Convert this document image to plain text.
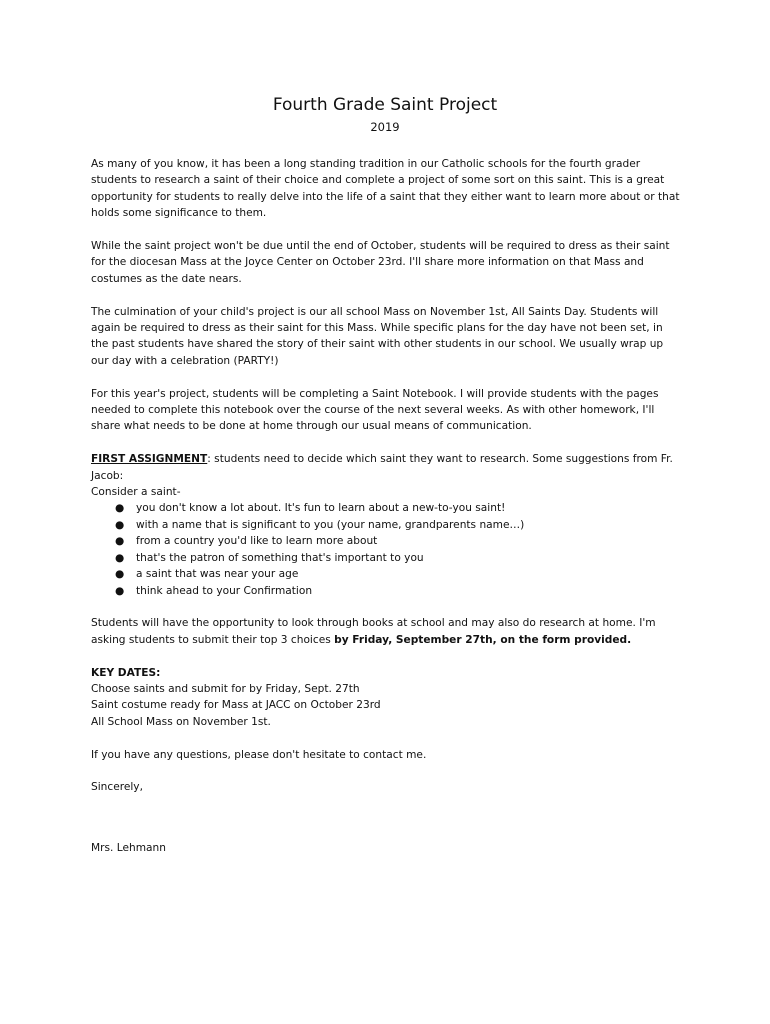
Fourth Grade Saint Project
2019

As many of you know, it has been a long standing tradition in our Catholic schools for the fourth grader students to research a saint of their choice and complete a project of some sort on this saint. This is a great opportunity for students to really delve into the life of a saint that they either want to learn more about or that holds some significance to them.

While the saint project won't be due until the end of October, students will be required to dress as their saint for the diocesan Mass at the Joyce Center on October 23rd. I'll share more information on that Mass and costumes as the date nears.

The culmination of your child's project is our all school Mass on November 1st, All Saints Day. Students will again be required to dress as their saint for this Mass. While specific plans for the day have not been set, in the past students have shared the story of their saint with other students in our school. We usually wrap up our day with a celebration (PARTY!)

For this year's project, students will be completing a Saint Notebook. I will provide students with the pages needed to complete this notebook over the course of the next several weeks. As with other homework, I'll share what needs to be done at home through our usual means of communication.

FIRST ASSIGNMENT: students need to decide which saint they want to research. Some suggestions from Fr. Jacob:

Consider a saint-

● you don't know a lot about. It's fun to learn about a new-to-you saint!
● with a name that is significant to you (your name, grandparents name…)
● from a country you'd like to learn more about
● that's the patron of something that's important to you
● a saint that was near your age
● think ahead to your Confirmation

Students will have the opportunity to look through books at school and may also do research at home. I'm asking students to submit their top 3 choices by Friday, September 27th, on the form provided.

KEY DATES:

Choose saints and submit for by Friday, Sept. 27th

Saint costume ready for Mass at JACC on October 23rd

All School Mass on November 1st.

If you have any questions, please don't hesitate to contact me.

Sincerely,

Mrs. Lehmann
